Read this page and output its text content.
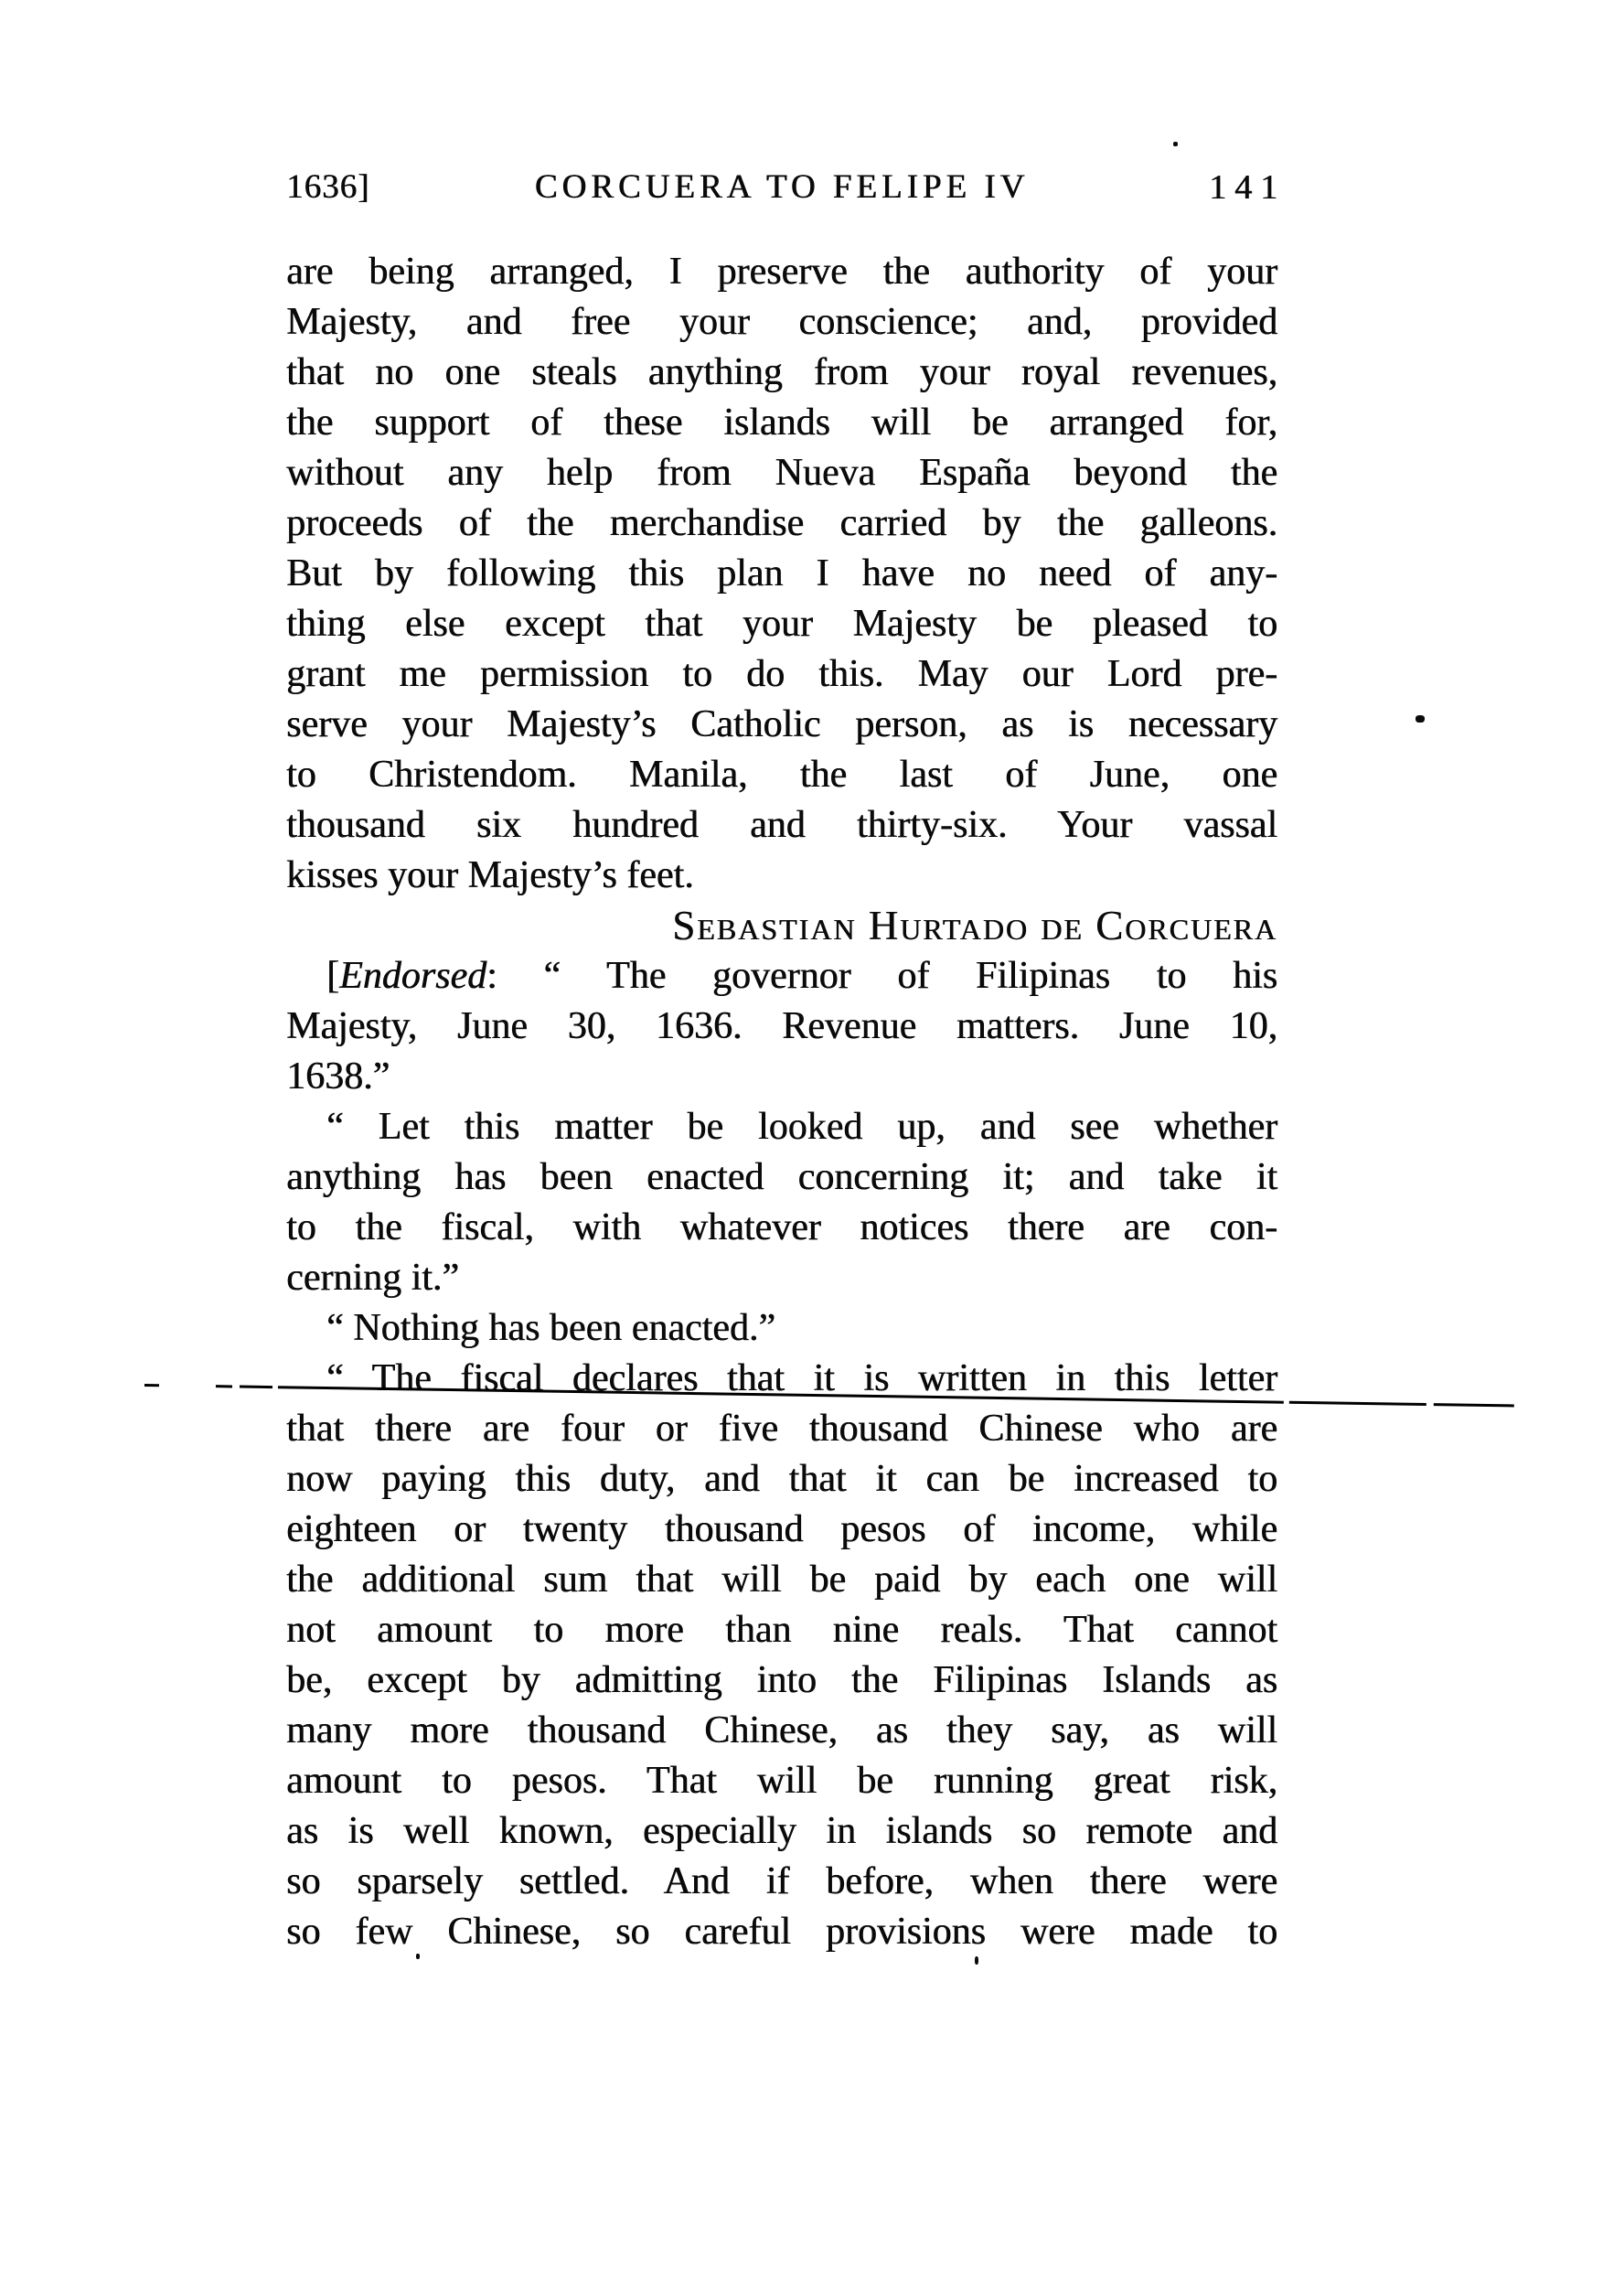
1636]	CORCUERA TO FELIPE IV	141
are being arranged, I preserve the authority of your
Majesty, and free your conscience; and, provided
that no one steals anything from your royal revenues,
the support of these islands will be arranged for,
without any help from Nueva España beyond the
proceeds of the merchandise carried by the galleons.
But by following this plan I have no need of any-
thing else except that your Majesty be pleased to
grant me permission to do this. May our Lord pre-
serve your Majesty’s Catholic person, as is necessary
to Christendom. Manila, the last of June, one
thousand six hundred and thirty-six. Your vassal
kisses your Majesty’s feet.
Sebastian Hurtado de Corcuera
[Endorsed: “ The governor of Filipinas to his
Majesty, June 30, 1636. Revenue matters. June 10,
1638.”
“ Let this matter be looked up, and see whether
anything has been enacted concerning it; and take it
to the fiscal, with whatever notices there are con-
cerning it.”
“ Nothing has been enacted.”
“ The fiscal declares that it is written in this letter
that there are four or five thousand Chinese who are
now paying this duty, and that it can be increased to
eighteen or twenty thousand pesos of income, while
the additional sum that will be paid by each one will
not amount to more than nine reals. That cannot
be, except by admitting into the Filipinas Islands as
many more thousand Chinese, as they say, as will
amount to pesos. That will be running great risk,
as is well known, especially in islands so remote and
so sparsely settled. And if before, when there were
so few Chinese, so careful provisions were made to
